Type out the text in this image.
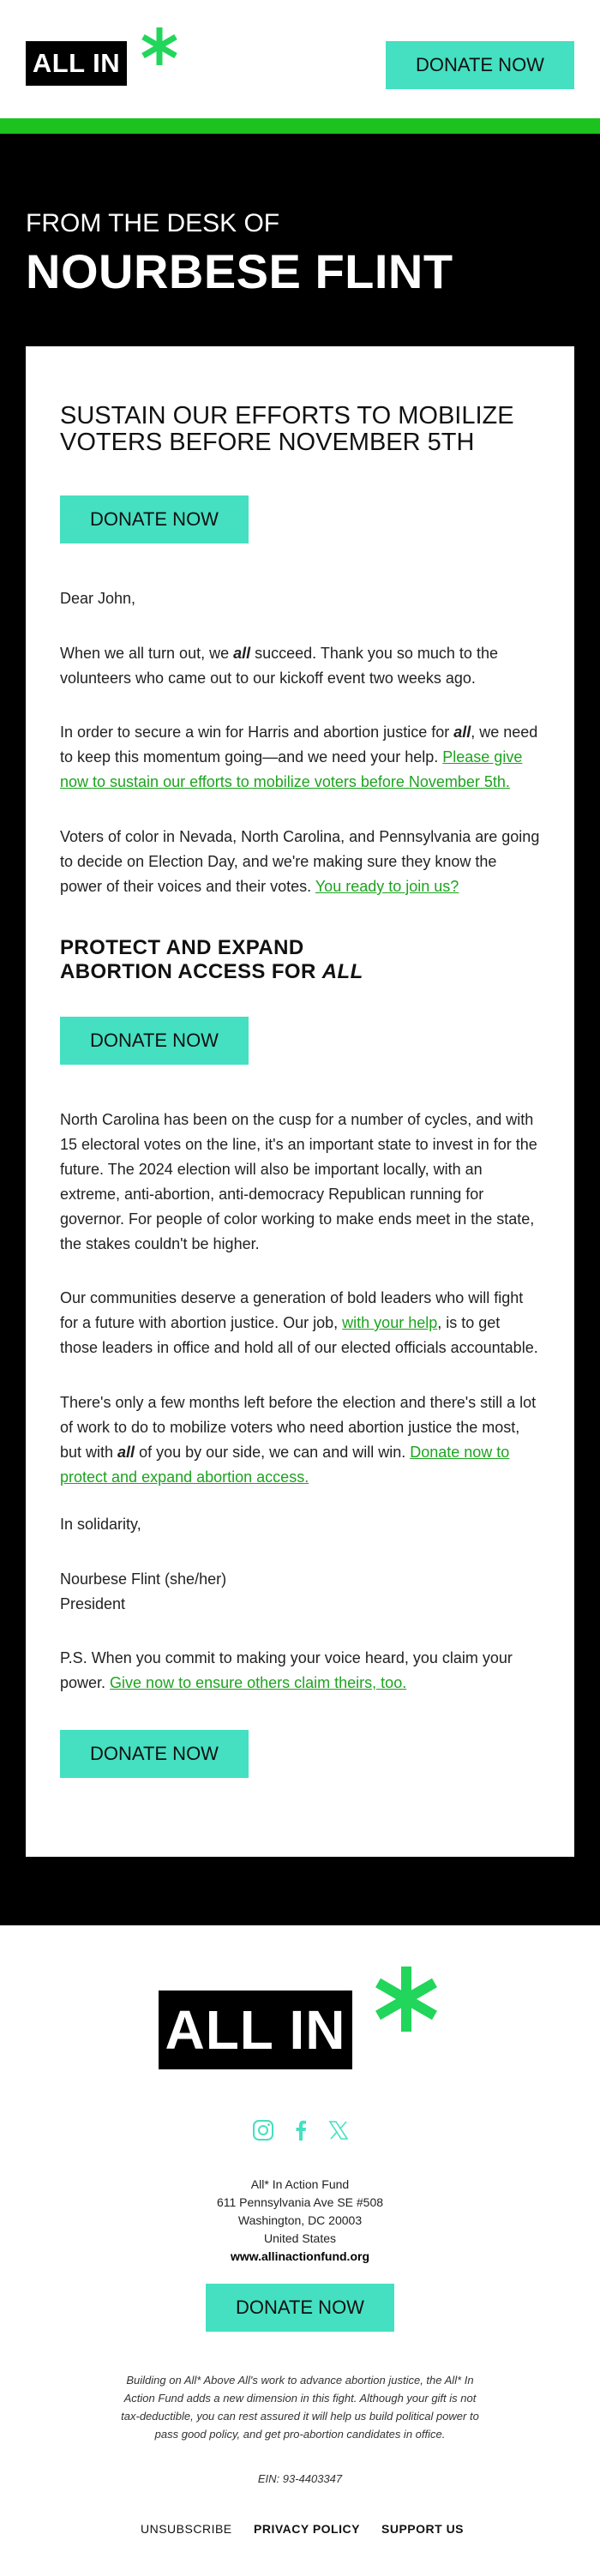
ALL IN	DONATE NOW
FROM THE DESK OF
NOURBESE FLINT
SUSTAIN OUR EFFORTS TO MOBILIZE VOTERS BEFORE NOVEMBER 5TH
DONATE NOW

Dear John,

When we all turn out, we all succeed. Thank you so much to the volunteers who came out to our kickoff event two weeks ago.

In order to secure a win for Harris and abortion justice for all, we need to keep this momentum going—and we need your help. Please give now to sustain our efforts to mobilize voters before November 5th.

Voters of color in Nevada, North Carolina, and Pennsylvania are going to decide on Election Day, and we're making sure they know the power of their voices and their votes. You ready to join us?

PROTECT AND EXPAND
ABORTION ACCESS FOR ALL
DONATE NOW

North Carolina has been on the cusp for a number of cycles, and with 15 electoral votes on the line, it's an important state to invest in for the future. The 2024 election will also be important locally, with an extreme, anti-abortion, anti-democracy Republican running for governor. For people of color working to make ends meet in the state, the stakes couldn't be higher.

Our communities deserve a generation of bold leaders who will fight for a future with abortion justice. Our job, with your help, is to get those leaders in office and hold all of our elected officials accountable.

There's only a few months left before the election and there's still a lot of work to do to mobilize voters who need abortion justice the most, but with all of you by our side, we can and will win. Donate now to protect and expand abortion access.

In solidarity,

Nourbese Flint (she/her)
President

P.S. When you commit to making your voice heard, you claim your power. Give now to ensure others claim theirs, too.

DONATE NOW
ALL IN
All* In Action Fund
611 Pennsylvania Ave SE #508
Washington, DC 20003
United States
www.allinactionfund.org
DONATE NOW
Building on All* Above All's work to advance abortion justice, the All* In Action Fund adds a new dimension in this fight. Although your gift is not tax-deductible, you can rest assured it will help us build political power to pass good policy, and get pro-abortion candidates in office.
EIN: 93-4403347
UNSUBSCRIBE PRIVACY POLICY SUPPORT US
